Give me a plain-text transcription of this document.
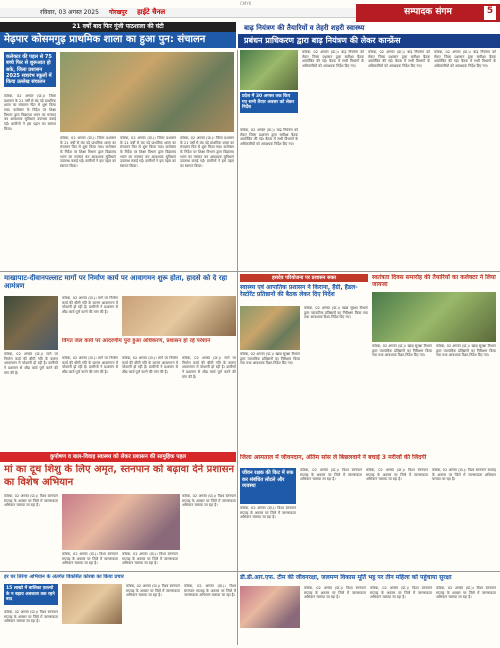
CMYK
रविवार, 03 अगस्त 2025 गोरखपुर हाईटे चैनल	सम्पादक संगम	5
21 वर्षों बाद फिर गूंजी पाठशाला की घंटी
मेढ़पार कोसमगुढ़ प्राथमिक शाला का हुआ पुन: संचालन
कलेक्टर की पहल से 75 बच्चे फिर से शुरूआत हो सके, जिला प्रशासन 2025 सत्रारंभ स्कूलों में किया उल्लेख संचालन
कोरबा, 02 अगस्त (प्रा.)। जिला प्रशासन के 21 वर्षों से बंद पड़े प्राथमिक शाला का संचालन फिर से शुरू किया गया। कलेक्टर के निर्देश पर शिक्षा विभाग द्वारा विद्यालय भवन का मरम्मत कर आवश्यक सुविधाएं उपलब्ध कराई गईं। ग्रामीणों ने इस पहल का स्वागत किया।
कोरबा, 02 अगस्त (प्रा.)। जिला प्रशासन के 21 वर्षों से बंद पड़े प्राथमिक शाला का संचालन फिर से शुरू किया गया। कलेक्टर के निर्देश पर शिक्षा विभाग द्वारा विद्यालय भवन का मरम्मत कर आवश्यक सुविधाएं उपलब्ध कराई गईं। ग्रामीणों ने इस पहल का स्वागत किया।
कोरबा, 02 अगस्त (प्रा.)। जिला प्रशासन के 21 वर्षों से बंद पड़े प्राथमिक शाला का संचालन फिर से शुरू किया गया। कलेक्टर के निर्देश पर शिक्षा विभाग द्वारा विद्यालय भवन का मरम्मत कर आवश्यक सुविधाएं उपलब्ध कराई गईं। ग्रामीणों ने इस पहल का स्वागत किया।
कोरबा, 02 अगस्त (प्रा.)। जिला प्रशासन के 21 वर्षों से बंद पड़े प्राथमिक शाला का संचालन फिर से शुरू किया गया। कलेक्टर के निर्देश पर शिक्षा विभाग द्वारा विद्यालय भवन का मरम्मत कर आवश्यक सुविधाएं उपलब्ध कराई गईं। ग्रामीणों ने इस पहल का स्वागत किया।
बाढ़ नियंत्रण की तैयारियों व तेहरी शहरी स्वास्थ्य
प्रबंधन प्राधिकरण द्वारा बाढ़ नियंत्रण की लेकर कान्फ्रेंस
प्रदेश में 30 अगस्त तक किए गए सभी तैयार अवसर को लेकर निर्देश
कोरबा, 02 अगस्त (प्रा.)। बाढ़ नियंत्रण को लेकर जिला प्रशासन द्वारा समीक्षा बैठक आयोजित की गई। बैठक में सभी विभागों के अधिकारियों को आवश्यक निर्देश दिए गए।
कोरबा, 02 अगस्त (प्रा.)। बाढ़ नियंत्रण को लेकर जिला प्रशासन द्वारा समीक्षा बैठक आयोजित की गई। बैठक में सभी विभागों के अधिकारियों को आवश्यक निर्देश दिए गए।
कोरबा, 02 अगस्त (प्रा.)। बाढ़ नियंत्रण को लेकर जिला प्रशासन द्वारा समीक्षा बैठक आयोजित की गई। बैठक में सभी विभागों के अधिकारियों को आवश्यक निर्देश दिए गए।
कोरबा, 02 अगस्त (प्रा.)। बाढ़ नियंत्रण को लेकर जिला प्रशासन द्वारा समीक्षा बैठक आयोजित की गई। बैठक में सभी विभागों के अधिकारियों को आवश्यक निर्देश दिए गए।
माखापाट-दीवानपल्लाट मार्गो पर निर्माण कार्य पर आवागमन शुरू होता, हादसे को दे रहा आमंत्रण
कोरबा, 02 अगस्त (प्रा.)। मार्ग पर निर्माण कार्य की धीमी गति के कारण आवागमन में परेशानी हो रही है। ग्रामीणों ने प्रशासन से शीघ्र कार्य पूर्ण करने की मांग की है।
कोरबा, 02 अगस्त (प्रा.)। मार्ग पर निर्माण कार्य की धीमी गति के कारण आवागमन में परेशानी हो रही है। ग्रामीणों ने प्रशासन से शीघ्र कार्य पूर्ण करने की मांग की है।
विगत जल कार्य पर आदरणीय पुरा हुआ अधिकरण, प्रशासन हो रहे परेशान
कोरबा, 02 अगस्त (प्रा.)। मार्ग पर निर्माण कार्य की धीमी गति के कारण आवागमन में परेशानी हो रही है। ग्रामीणों ने प्रशासन से शीघ्र कार्य पूर्ण करने की मांग की है।
कोरबा, 02 अगस्त (प्रा.)। मार्ग पर निर्माण कार्य की धीमी गति के कारण आवागमन में परेशानी हो रही है। ग्रामीणों ने प्रशासन से शीघ्र कार्य पूर्ण करने की मांग की है।
कोरबा, 02 अगस्त (प्रा.)। मार्ग पर निर्माण कार्य की धीमी गति के कारण आवागमन में परेशानी हो रही है। ग्रामीणों ने प्रशासन से शीघ्र कार्य पूर्ण करने की मांग की है।
हसदेव परियोजना पर प्रशासन सक्त
स्वास्थ्य एवं आपातिक प्रशासन ने किराना, हैंग्री, हैंडल-रेस्टोरेंट प्रतिष्ठानों की बैठक लेकर दिए निर्देश
कोरबा, 02 अगस्त (प्रा.)। खाद्य सुरक्षा विभाग द्वारा व्यापारिक प्रतिष्ठानों का निरीक्षण किया गया तथा आवश्यक दिशा-निर्देश दिए गए।
कोरबा, 02 अगस्त (प्रा.)। खाद्य सुरक्षा विभाग द्वारा व्यापारिक प्रतिष्ठानों का निरीक्षण किया गया तथा आवश्यक दिशा-निर्देश दिए गए।
स्वतंत्रता दिवस समारोह की तैयारियों का कलेक्टर ने लिया जायजा
कोरबा, 02 अगस्त (प्रा.)। खाद्य सुरक्षा विभाग द्वारा व्यापारिक प्रतिष्ठानों का निरीक्षण किया गया तथा आवश्यक दिशा-निर्देश दिए गए।
कोरबा, 02 अगस्त (प्रा.)। खाद्य सुरक्षा विभाग द्वारा व्यापारिक प्रतिष्ठानों का निरीक्षण किया गया तथा आवश्यक दिशा-निर्देश दिए गए।
कुपोषण व बाल-विवाह स्वास्थ्य को लेकर प्रशासन की सामुहिक पहल
मां का दूध शिशु के लिए अमृत, स्तनपान को बढ़ावा देने प्रशासन का विशेष अभियान
कोरबा, 02 अगस्त (प्रा.)। विश्व स्तनपान सप्ताह के अवसर पर जिले में जागरूकता अभियान चलाया जा रहा है।
कोरबा, 02 अगस्त (प्रा.)। विश्व स्तनपान सप्ताह के अवसर पर जिले में जागरूकता अभियान चलाया जा रहा है।
कोरबा, 02 अगस्त (प्रा.)। विश्व स्तनपान सप्ताह के अवसर पर जिले में जागरूकता अभियान चलाया जा रहा है।
कोरबा, 02 अगस्त (प्रा.)। विश्व स्तनपान सप्ताह के अवसर पर जिले में जागरूकता अभियान चलाया जा रहा है।
जिला अस्पताल में जीवनदान, अंतिम सांस ले बिछलवाने ने बचाई 3 मरीजों की जिंदगी
जीवन रक्षक की किट में रुक कर संबंधित लोटले और व्यवस्था
कोरबा, 02 अगस्त (प्रा.)। विश्व स्तनपान सप्ताह के अवसर पर जिले में जागरूकता अभियान चलाया जा रहा है।
कोरबा, 02 अगस्त (प्रा.)। विश्व स्तनपान सप्ताह के अवसर पर जिले में जागरूकता अभियान चलाया जा रहा है।
कोरबा, 02 अगस्त (प्रा.)। विश्व स्तनपान सप्ताह के अवसर पर जिले में जागरूकता अभियान चलाया जा रहा है।
कोरबा, 02 अगस्त (प्रा.)। विश्व स्तनपान सप्ताह के अवसर पर जिले में जागरूकता अभियान चलाया जा रहा है।
हर घर तिरंगा अभियान के अंतर्गत विकसित कोरबा का किया प्रचार
15 लाखो में बालिका फ़ाल्यो के न बहाव अवकाश तक रहने बाद
कोरबा, 02 अगस्त (प्रा.)। विश्व स्तनपान सप्ताह के अवसर पर जिले में जागरूकता अभियान चलाया जा रहा है।
कोरबा, 02 अगस्त (प्रा.)। विश्व स्तनपान सप्ताह के अवसर पर जिले में जागरूकता अभियान चलाया जा रहा है।
कोरबा, 02 अगस्त (प्रा.)। विश्व स्तनपान सप्ताह के अवसर पर जिले में जागरूकता अभियान चलाया जा रहा है।
डी.डी.आर.एफ. टीम की जीवनरक्षा, जलमग्न विकास मूर्ति भट्ठ पर तीन महिला को पहुंचाया सुरक्षा
कोरबा, 02 अगस्त (प्रा.)। विश्व स्तनपान सप्ताह के अवसर पर जिले में जागरूकता अभियान चलाया जा रहा है।
कोरबा, 02 अगस्त (प्रा.)। विश्व स्तनपान सप्ताह के अवसर पर जिले में जागरूकता अभियान चलाया जा रहा है।
कोरबा, 02 अगस्त (प्रा.)। विश्व स्तनपान सप्ताह के अवसर पर जिले में जागरूकता अभियान चलाया जा रहा है।
